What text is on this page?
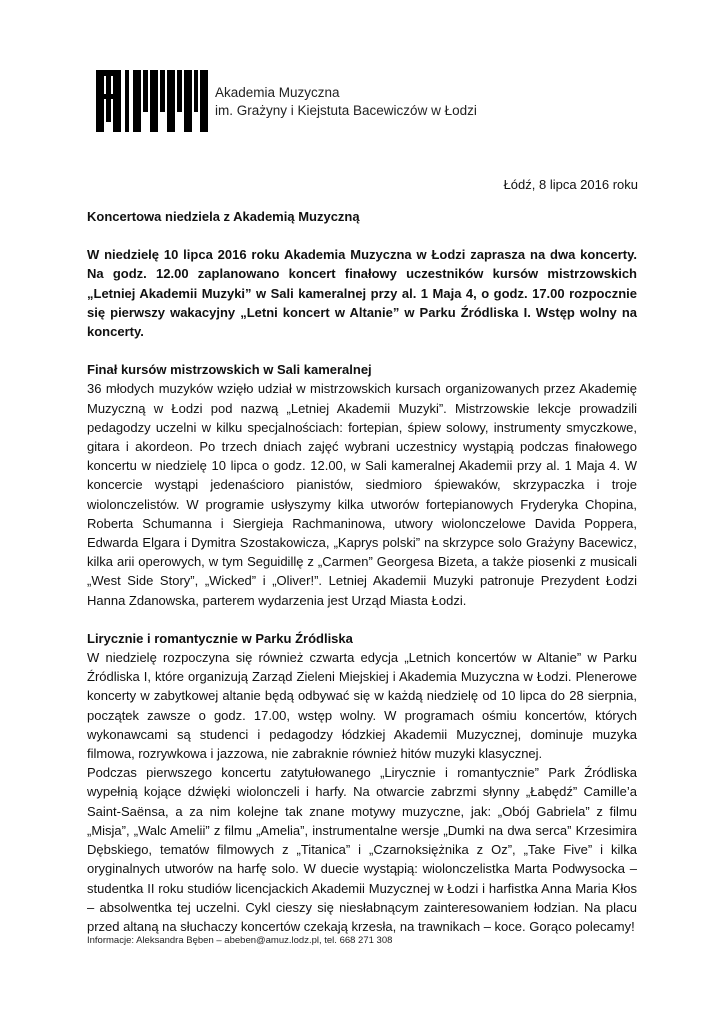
Akademia Muzyczna
im. Grażyny i Kiejstuta Bacewiczów w Łodzi
Łódź, 8 lipca 2016 roku

Koncertowa niedziela z Akademią Muzyczną

W niedzielę 10 lipca 2016 roku Akademia Muzyczna w Łodzi zaprasza na dwa koncerty. Na godz. 12.00 zaplanowano koncert finałowy uczestników kursów mistrzowskich „Letniej Akademii Muzyki” w Sali kameralnej przy al. 1 Maja 4, o godz. 17.00 rozpocznie się pierwszy wakacyjny „Letni koncert w Altanie” w Parku Źródliska I. Wstęp wolny na koncerty.

Finał kursów mistrzowskich w Sali kameralnej

36 młodych muzyków wzięło udział w mistrzowskich kursach organizowanych przez Akademię Muzyczną w Łodzi pod nazwą „Letniej Akademii Muzyki”. Mistrzowskie lekcje prowadzili pedagodzy uczelni w kilku specjalnościach: fortepian, śpiew solowy, instrumenty smyczkowe, gitara i akordeon. Po trzech dniach zajęć wybrani uczestnicy wystąpią podczas finałowego koncertu w niedzielę 10 lipca o godz. 12.00, w Sali kameralnej Akademii przy al. 1 Maja 4. W koncercie wystąpi jedenaścioro pianistów, siedmioro śpiewaków, skrzypaczka i troje wiolonczelistów. W programie usłyszymy kilka utworów fortepianowych Fryderyka Chopina, Roberta Schumanna i Siergieja Rachmaninowa, utwory wiolonczelowe Davida Poppera, Edwarda Elgara i Dymitra Szostakowicza, „Kaprys polski” na skrzypce solo Grażyny Bacewicz, kilka arii operowych, w tym Seguidillę z „Carmen” Georgesa Bizeta, a także piosenki z musicali „West Side Story”, „Wicked” i „Oliver!”. Letniej Akademii Muzyki patronuje Prezydent Łodzi Hanna Zdanowska, parterem wydarzenia jest Urząd Miasta Łodzi.

Lirycznie i romantycznie w Parku Źródliska

W niedzielę rozpoczyna się również czwarta edycja „Letnich koncertów w Altanie” w Parku Źródliska I, które organizują Zarząd Zieleni Miejskiej i Akademia Muzyczna w Łodzi. Plenerowe koncerty w zabytkowej altanie będą odbywać się w każdą niedzielę od 10 lipca do 28 sierpnia, początek zawsze o godz. 17.00, wstęp wolny. W programach ośmiu koncertów, których wykonawcami są studenci i pedagodzy łódzkiej Akademii Muzycznej, dominuje muzyka filmowa, rozrywkowa i jazzowa, nie zabraknie również hitów muzyki klasycznej.

Podczas pierwszego koncertu zatytułowanego „Lirycznie i romantycznie” Park Źródliska wypełnią kojące dźwięki wiolonczeli i harfy. Na otwarcie zabrzmi słynny „Łabędź” Camille’a Saint-Saënsa, a za nim kolejne tak znane motywy muzyczne, jak: „Obój Gabriela” z filmu „Misja”, „Walc Amelii” z filmu „Amelia”, instrumentalne wersje „Dumki na dwa serca” Krzesimira Dębskiego, tematów filmowych z „Titanica” i „Czarnoksiężnika z Oz”, „Take Five” i kilka oryginalnych utworów na harfę solo. W duecie wystąpią: wiolonczelistka Marta Podwysocka – studentka II roku studiów licencjackich Akademii Muzycznej w Łodzi i harfistka Anna Maria Kłos – absolwentka tej uczelni. Cykl cieszy się niesłabnącym zainteresowaniem łodzian. Na placu przed altaną na słuchaczy koncertów czekają krzesła, na trawnikach – koce. Gorąco polecamy!

Informacje: Aleksandra Bęben – abeben@amuz.lodz.pl, tel. 668 271 308
